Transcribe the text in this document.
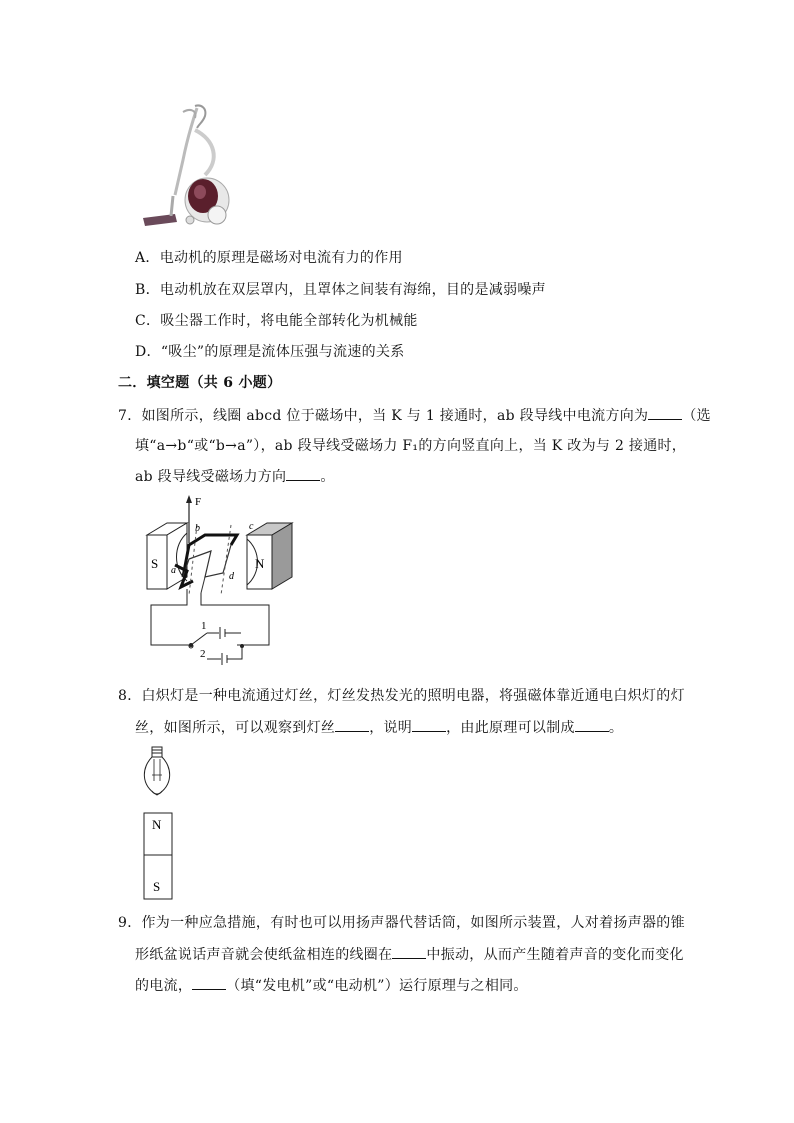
A．电动机的原理是磁场对电流有力的作用
B．电动机放在双层罩内，且罩体之间装有海绵，目的是减弱噪声
C．吸尘器工作时，将电能全部转化为机械能
D．“吸尘”的原理是流体压强与流速的关系
二．填空题（共 6 小题）
7．如图所示，线圈 abcd 位于磁场中，当 K 与 1 接通时，ab 段导线中电流方向为 （选
填“a→b“或“b→a”），ab 段导线受磁场力 F₁的方向竖直向上，当 K 改为与 2 接通时，
ab 段导线受磁场力方向 。
F
b	c
a
d
S	N
1
2
8．白炽灯是一种电流通过灯丝，灯丝发热发光的照明电器，将强磁体靠近通电白炽灯的灯
丝，如图所示，可以观察到灯丝 ，说明 ，由此原理可以制成 。
N
S
9．作为一种应急措施，有时也可以用扬声器代替话筒，如图所示装置，人对着扬声器的锥
形纸盆说话声音就会使纸盆相连的线圈在 中振动，从而产生随着声音的变化而变化
的电流， （填“发电机”或“电动机”）运行原理与之相同。
